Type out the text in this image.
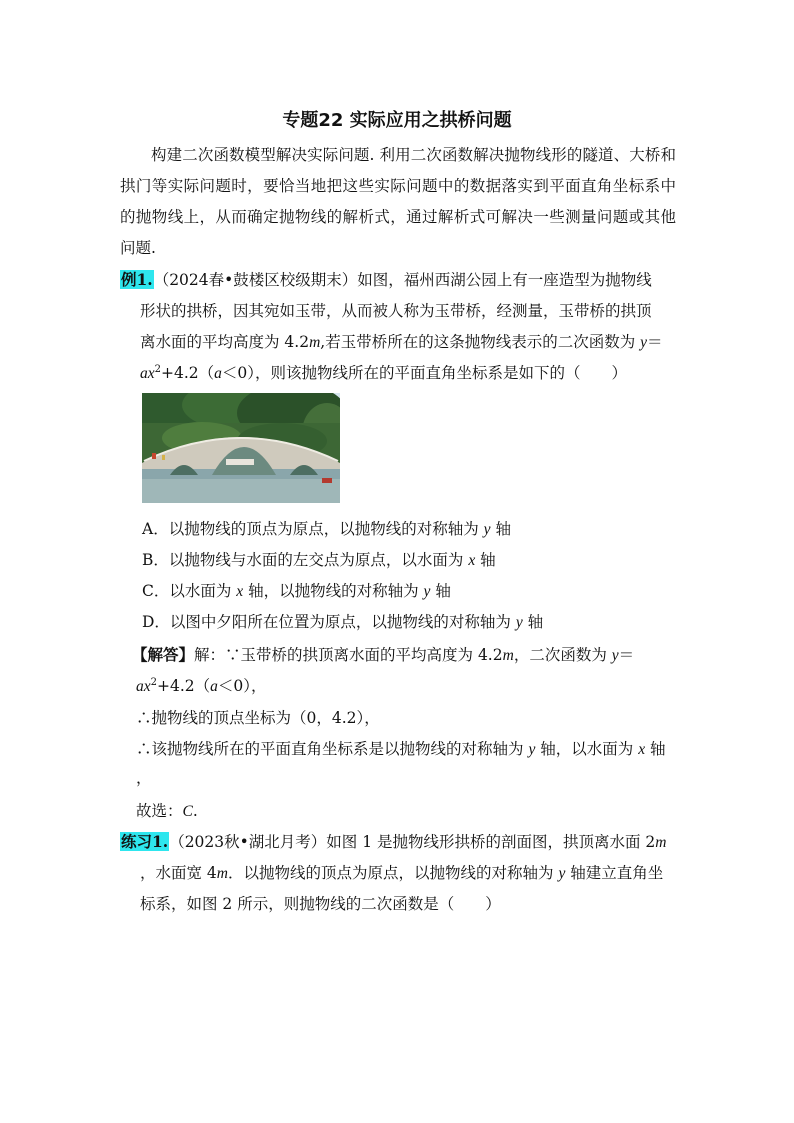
专题22 实际应用之拱桥问题
构建二次函数模型解决实际问题. 利用二次函数解决抛物线形的隧道、大桥和拱门等实际问题时，要恰当地把这些实际问题中的数据落实到平面直角坐标系中的抛物线上，从而确定抛物线的解析式，通过解析式可解决一些测量问题或其他问题.
例1.（2024春•鼓楼区校级期末）如图，福州西湖公园上有一座造型为抛物线
形状的拱桥，因其宛如玉带，从而被人称为玉带桥，经测量，玉带桥的拱顶
离水面的平均高度为 4.2m,若玉带桥所在的这条抛物线表示的二次函数为 y＝
$ax^2+4.2(a<0)$，则该抛物线所在的平面直角坐标系是如下的（　　）
A．以抛物线的顶点为原点，以抛物线的对称轴为 y 轴
B．以抛物线与水面的左交点为原点，以水面为 x 轴
C．以水面为 x 轴，以抛物线的对称轴为 y 轴
D．以图中夕阳所在位置为原点，以抛物线的对称轴为 y 轴
【解答】解：∵玉带桥的拱顶离水面的平均高度为 4.2m，二次函数为 y＝
$ax^2+4.2(a<0)$，
∴抛物线的顶点坐标为（0，4.2），
∴该抛物线所在的平面直角坐标系是以抛物线的对称轴为 y 轴，以水面为 x 轴
，
故选：C.
练习1.（2023秋•湖北月考）如图 1 是抛物线形拱桥的剖面图，拱顶离水面 2m
，水面宽 4m．以抛物线的顶点为原点，以抛物线的对称轴为 y 轴建立直角坐
标系，如图 2 所示，则抛物线的二次函数是（　　）
